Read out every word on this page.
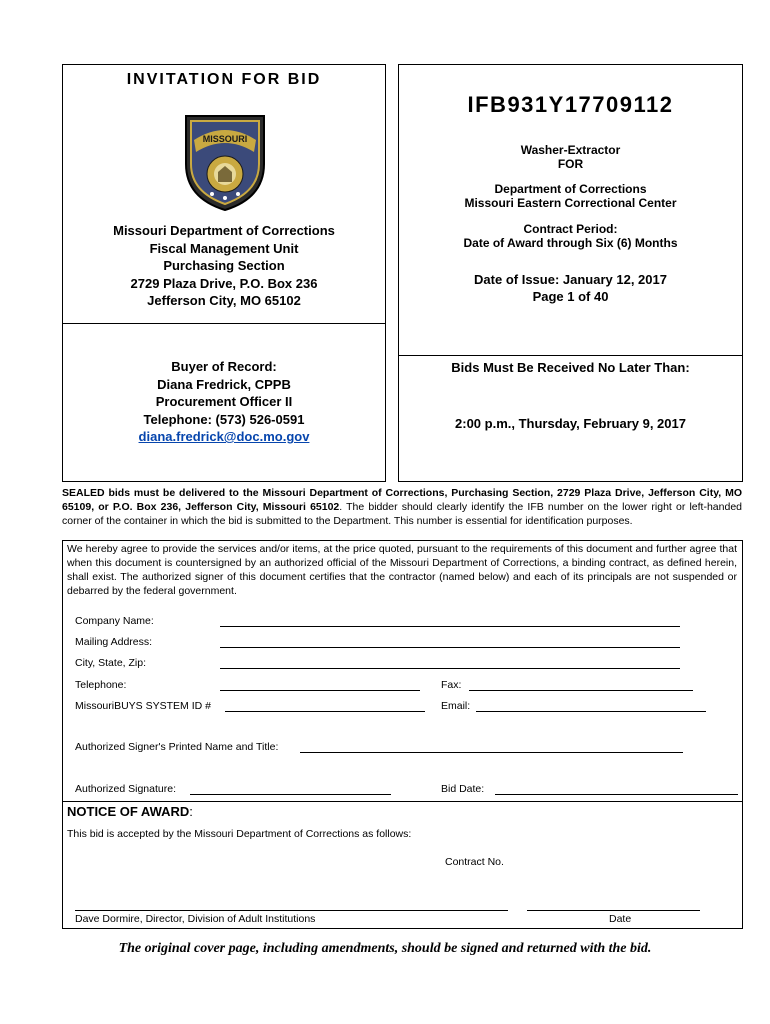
INVITATION FOR BID
MISSOURI
Missouri Department of Corrections
Fiscal Management Unit
Purchasing Section
2729 Plaza Drive, P.O. Box 236
Jefferson City, MO 65102
Buyer of Record:
Diana Fredrick, CPPB
Procurement Officer II
Telephone: (573) 526-0591
diana.fredrick@doc.mo.gov
IFB931Y17709112
Washer-Extractor
FOR
Department of Corrections
Missouri Eastern Correctional Center
Contract Period:
Date of Award through Six (6) Months
Date of Issue: January 12, 2017
Page 1 of 40
Bids Must Be Received No Later Than:
2:00 p.m., Thursday, February 9, 2017
SEALED bids must be delivered to the Missouri Department of Corrections, Purchasing Section, 2729 Plaza Drive, Jefferson City, MO 65109, or P.O. Box 236, Jefferson City, Missouri 65102. The bidder should clearly identify the IFB number on the lower right or left-handed corner of the container in which the bid is submitted to the Department. This number is essential for identification purposes.
We hereby agree to provide the services and/or items, at the price quoted, pursuant to the requirements of this document and further agree that when this document is countersigned by an authorized official of the Missouri Department of Corrections, a binding contract, as defined herein, shall exist. The authorized signer of this document certifies that the contractor (named below) and each of its principals are not suspended or debarred by the federal government.
Company Name:
Mailing Address:
City, State, Zip:
Telephone:	Fax:
MissouriBUYS SYSTEM ID #	Email:
Authorized Signer's Printed Name and Title:
Authorized Signature:	Bid Date:
NOTICE OF AWARD:
This bid is accepted by the Missouri Department of Corrections as follows:
Contract No.
Dave Dormire, Director, Division of Adult Institutions	Date
The original cover page, including amendments, should be signed and returned with the bid.
